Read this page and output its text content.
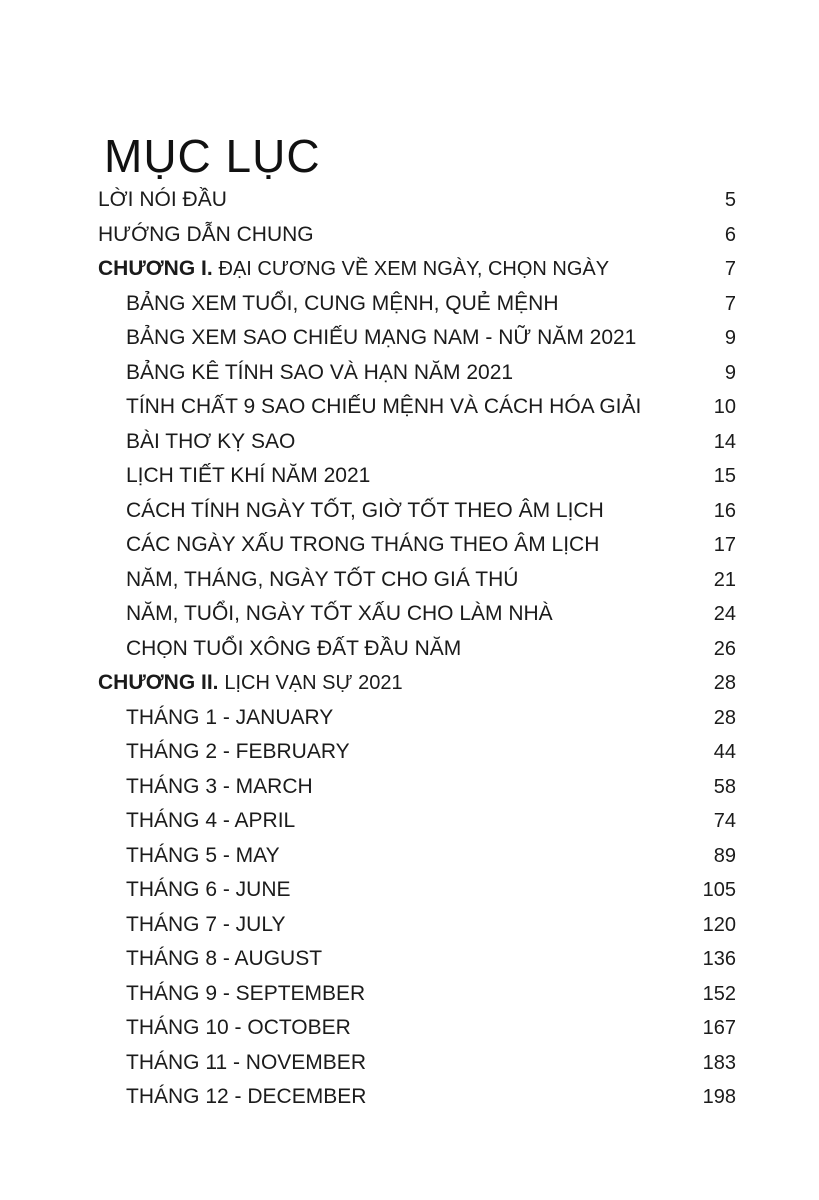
MỤC LỤC
LỜI NÓI ĐẦU	5
HƯỚNG DẪN CHUNG	6
CHƯƠNG I. ĐẠI CƯƠNG VỀ XEM NGÀY, CHỌN NGÀY	7
BẢNG XEM TUỔI, CUNG MỆNH, QUẺ MỆNH	7
BẢNG XEM SAO CHIẾU MẠNG NAM - NỮ NĂM 2021	9
BẢNG KÊ TÍNH SAO VÀ HẠN NĂM 2021	9
TÍNH CHẤT 9 SAO CHIẾU MỆNH VÀ CÁCH HÓA GIẢI	10
BÀI THƠ KỴ SAO	14
LỊCH TIẾT KHÍ NĂM 2021	15
CÁCH TÍNH NGÀY TỐT, GIỜ TỐT THEO ÂM LỊCH	16
CÁC NGÀY XẤU TRONG THÁNG THEO ÂM LỊCH	17
NĂM, THÁNG, NGÀY TỐT CHO GIÁ THÚ	21
NĂM, TUỔI, NGÀY TỐT XẤU CHO LÀM NHÀ	24
CHỌN TUỔI XÔNG ĐẤT ĐẦU NĂM	26
CHƯƠNG II. LỊCH VẠN SỰ 2021	28
THÁNG 1 - JANUARY	28
THÁNG 2 - FEBRUARY	44
THÁNG 3 - MARCH	58
THÁNG 4 - APRIL	74
THÁNG 5 - MAY	89
THÁNG 6 - JUNE	105
THÁNG 7 - JULY	120
THÁNG 8 - AUGUST	136
THÁNG 9 - SEPTEMBER	152
THÁNG 10 - OCTOBER	167
THÁNG 11 - NOVEMBER	183
THÁNG 12 - DECEMBER	198
